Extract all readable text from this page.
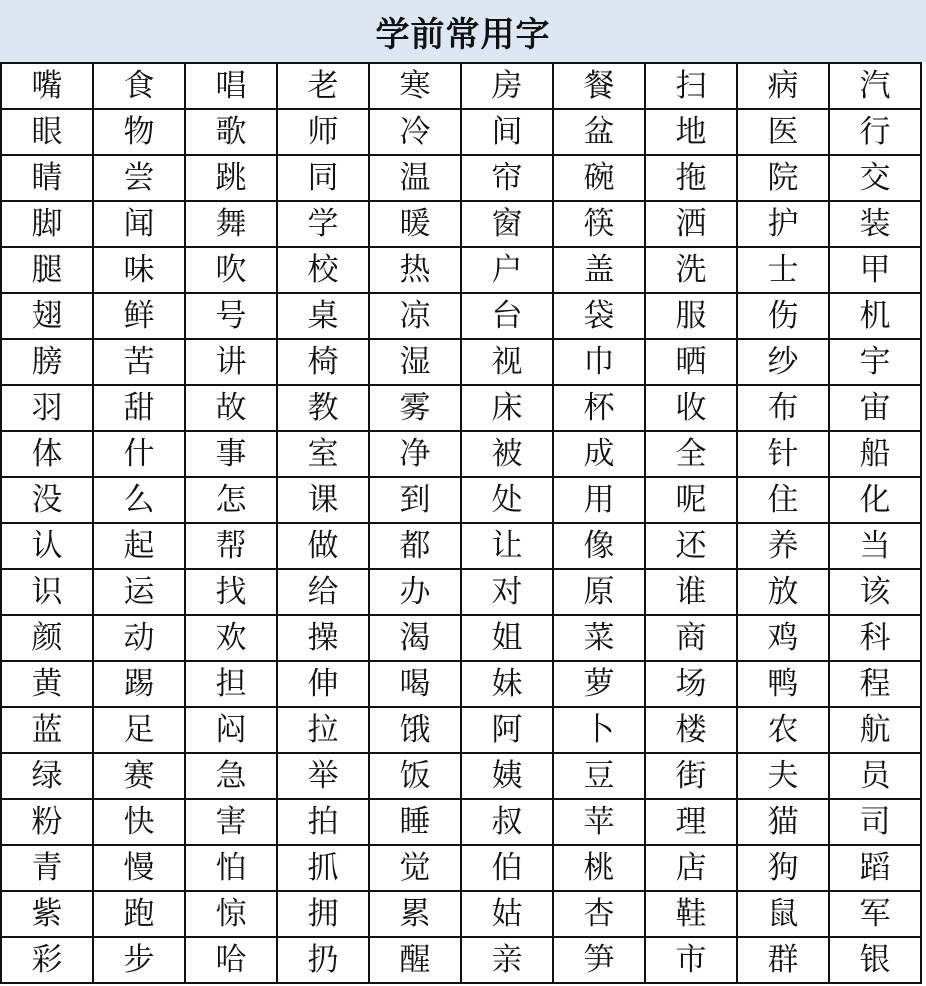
学前常用字
嘴	食	唱	老	寒	房	餐	扫	病	汽
眼	物	歌	师	冷	间	盆	地	医	行
睛	尝	跳	同	温	帘	碗	拖	院	交
脚	闻	舞	学	暖	窗	筷	洒	护	装
腿	味	吹	校	热	户	盖	洗	士	甲
翅	鲜	号	桌	凉	台	袋	服	伤	机
膀	苦	讲	椅	湿	视	巾	晒	纱	宇
羽	甜	故	教	雾	床	杯	收	布	宙
体	什	事	室	净	被	成	全	针	船
没	么	怎	课	到	处	用	呢	住	化
认	起	帮	做	都	让	像	还	养	当
识	运	找	给	办	对	原	谁	放	该
颜	动	欢	操	渴	姐	菜	商	鸡	科
黄	踢	担	伸	喝	妹	萝	场	鸭	程
蓝	足	闷	拉	饿	阿	卜	楼	农	航
绿	赛	急	举	饭	姨	豆	街	夫	员
粉	快	害	拍	睡	叔	苹	理	猫	司
青	慢	怕	抓	觉	伯	桃	店	狗	蹈
紫	跑	惊	拥	累	姑	杏	鞋	鼠	军
彩	步	哈	扔	醒	亲	笋	市	群	银
